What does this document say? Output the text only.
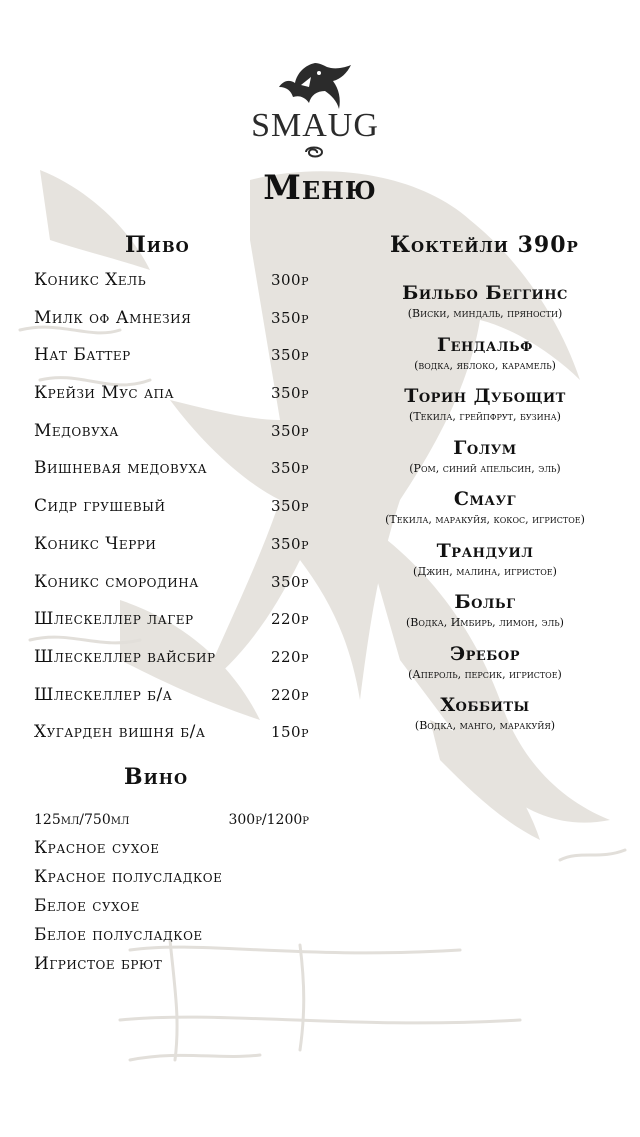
SMAUG
Меню
Пиво
Коникс Хель	300р
Милк оф Амнезия	350р
Нат Баттер	350р
Крейзи Мус апа	350р
Медовуха	350р
Вишневая медовуха	350р
Сидр грушевый	350р
Коникс Черри	350р
Коникс смородина	350р
Шлескеллер лагер	220р
Шлескеллер вайсбир	220р
Шлескеллер б/а	220р
Хугарден вишня б/а	150р
Вино
125мл/750мл	300р/1200р
Красное сухое
Красное полусладкое
Белое сухое
Белое полусладкое
Игристое брют
Коктейли 390р
Бильбо Беггинс
(Виски, миндаль, пряности)
Гендальф
(водка, яблоко, карамель)
Торин Дубощит
(Текила, грейпфрут, бузина)
Голум
(Ром, синий апельсин, эль)
Смауг
(Текила, маракуйя, кокос, игристое)
Трандуил
(Джин, малина, игристое)
Больг
(Водка, Имбирь, лимон, эль)
Эребор
(Апероль, персик, игристое)
Хоббиты
(Водка, манго, маракуйя)
